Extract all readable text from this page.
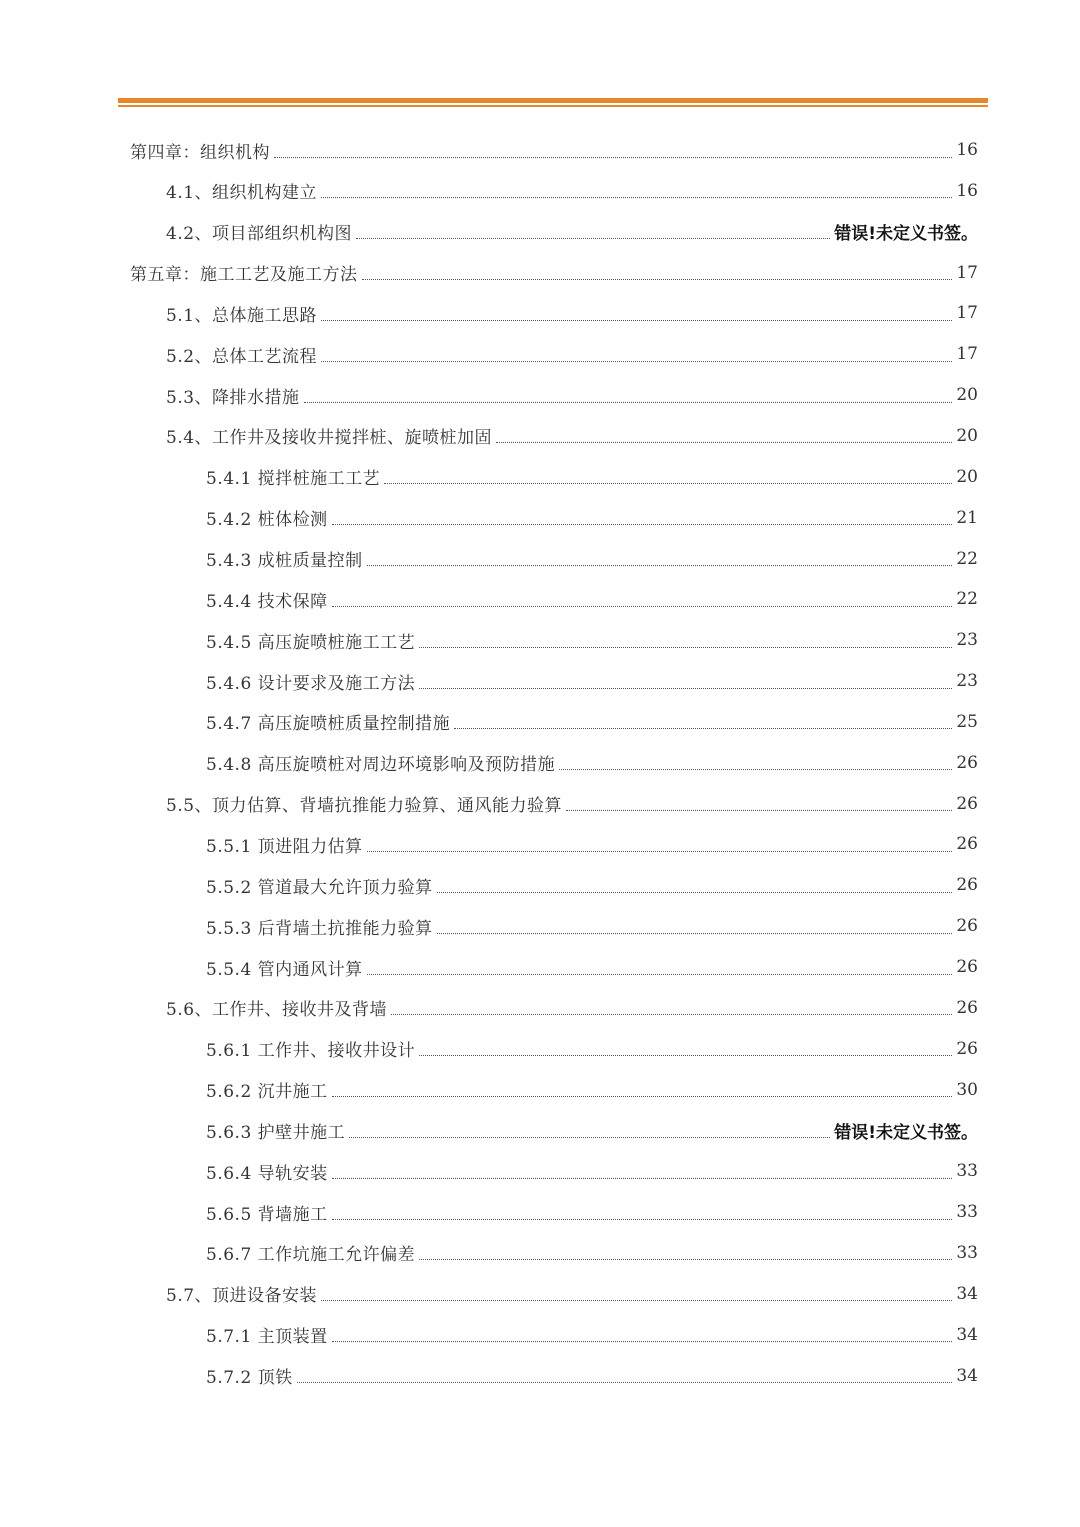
第四章：组织机构	16
4.1、组织机构建立	16
4.2、项目部组织机构图	错误!未定义书签。
第五章：施工工艺及施工方法	17
5.1、总体施工思路	17
5.2、总体工艺流程	17
5.3、降排水措施	20
5.4、工作井及接收井搅拌桩、旋喷桩加固	20
5.4.1 搅拌桩施工工艺	20
5.4.2 桩体检测	21
5.4.3 成桩质量控制	22
5.4.4 技术保障	22
5.4.5 高压旋喷桩施工工艺	23
5.4.6 设计要求及施工方法	23
5.4.7 高压旋喷桩质量控制措施	25
5.4.8 高压旋喷桩对周边环境影响及预防措施	26
5.5、顶力估算、背墙抗推能力验算、通风能力验算	26
5.5.1 顶进阻力估算	26
5.5.2 管道最大允许顶力验算	26
5.5.3 后背墙土抗推能力验算	26
5.5.4 管内通风计算	26
5.6、工作井、接收井及背墙	26
5.6.1 工作井、接收井设计	26
5.6.2 沉井施工	30
5.6.3 护壁井施工	错误!未定义书签。
5.6.4 导轨安装	33
5.6.5 背墙施工	33
5.6.7 工作坑施工允许偏差	33
5.7、顶进设备安装	34
5.7.1 主顶装置	34
5.7.2 顶铁	34
